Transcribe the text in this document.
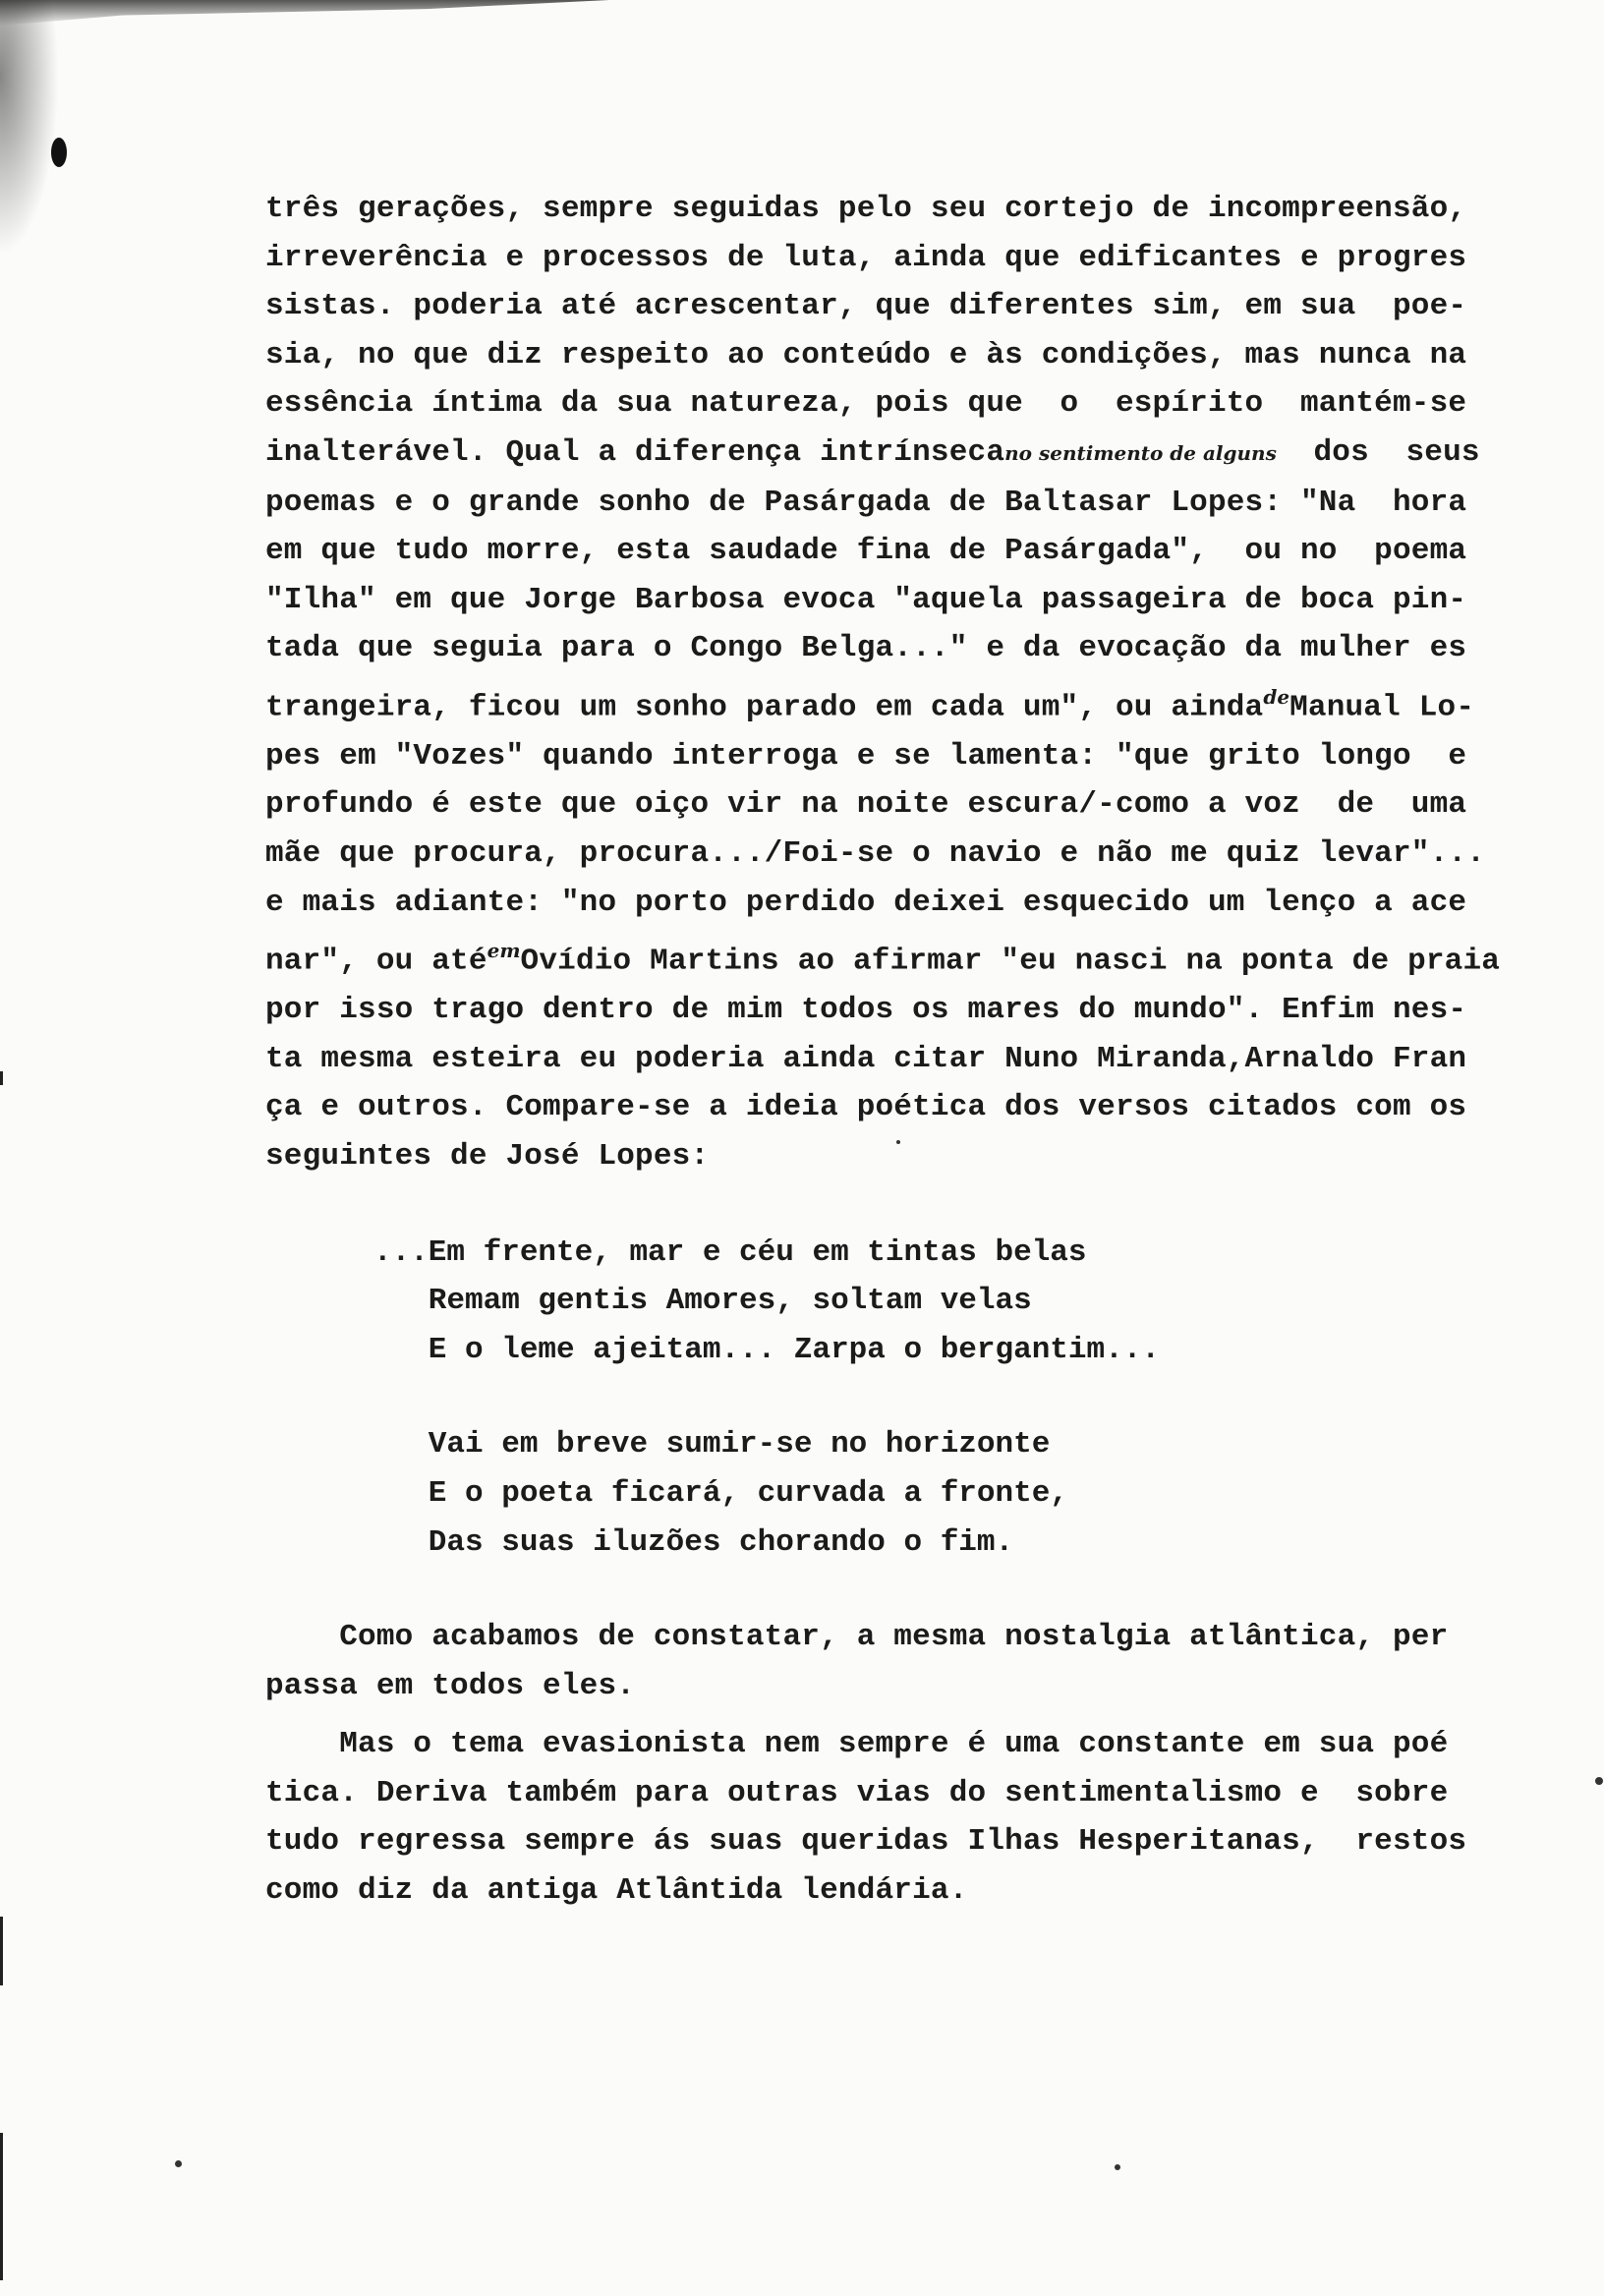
três gerações, sempre seguidas pelo seu cortejo de incompreensão,
irreverência e processos de luta, ainda que edificantes e progres
sistas. poderia até acrescentar, que diferentes sim, em sua  poe-
sia, no que diz respeito ao conteúdo e às condições, mas nunca na
essência íntima da sua natureza, pois que  o  espírito  mantém-se
inalterável. Qual a diferença intrínsecano sentimento de alguns  dos  seus
poemas e o grande sonho de Pasárgada de Baltasar Lopes: "Na  hora
em que tudo morre, esta saudade fina de Pasárgada",  ou no  poema
"Ilha" em que Jorge Barbosa evoca "aquela passageira de boca pin-
tada que seguia para o Congo Belga..." e da evocação da mulher es
trangeira, ficou um sonho parado em cada um", ou ainda$^{de}$Manual Lo-
pes em "Vozes" quando interroga e se lamenta: "que grito longo  e
profundo é este que oiço vir na noite escura/-como a voz  de  uma
mãe que procura, procura.../Foi-se o navio e não me quiz levar"...
e mais adiante: "no porto perdido deixei esquecido um lenço a ace
nar", ou até$^{em}$Ovídio Martins ao afirmar "eu nasci na ponta de praia
por isso trago dentro de mim todos os mares do mundo". Enfim nes-
ta mesma esteira eu poderia ainda citar Nuno Miranda,Arnaldo Fran
ça e outros. Compare-se a ideia poética dos versos citados com os
seguintes de José Lopes:
...Em frente, mar e céu em tintas belas
Remam gentis Amores, soltam velas
E o leme ajeitam... Zarpa o bergantim...
Vai em breve sumir-se no horizonte
E o poeta ficará, curvada a fronte,
Das suas iluzões chorando o fim.
Como acabamos de constatar, a mesma nostalgia atlântica, per
passa em todos eles.
Mas o tema evasionista nem sempre é uma constante em sua poé
tica. Deriva também para outras vias do sentimentalismo e  sobre
tudo regressa sempre ás suas queridas Ilhas Hesperitanas,  restos
como diz da antiga Atlântida lendária.
